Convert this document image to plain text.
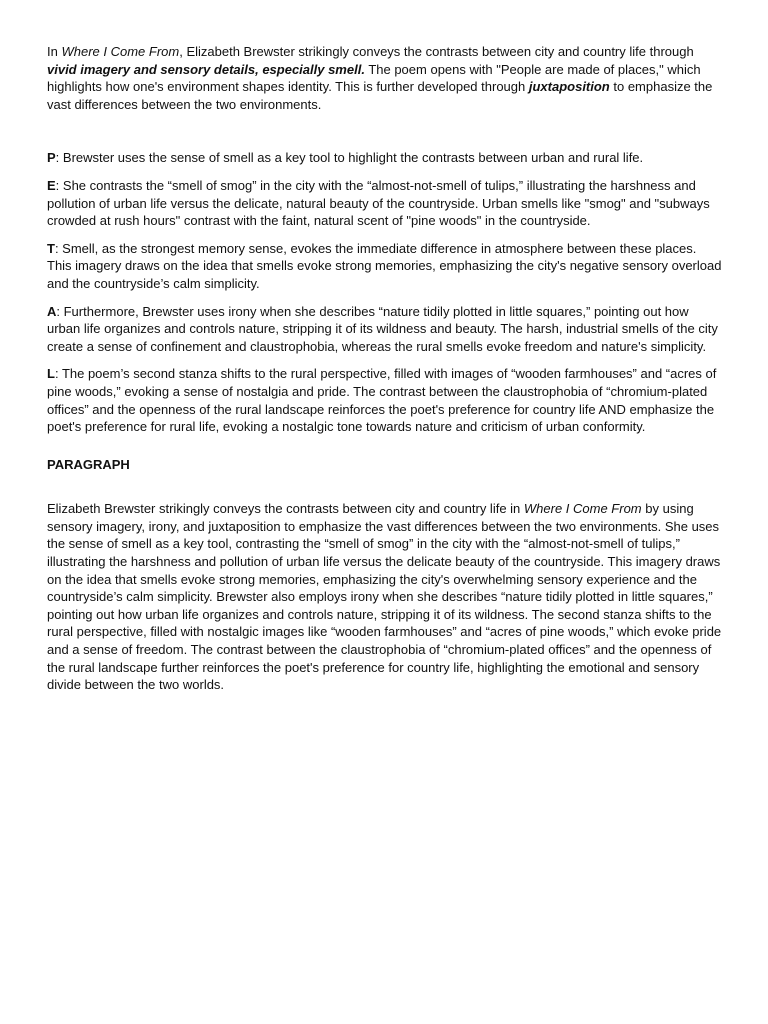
In Where I Come From, Elizabeth Brewster strikingly conveys the contrasts between city and country life through vivid imagery and sensory details, especially smell. The poem opens with "People are made of places," which highlights how one's environment shapes identity. This is further developed through juxtaposition to emphasize the vast differences between the two environments.

P: Brewster uses the sense of smell as a key tool to highlight the contrasts between urban and rural life.

E: She contrasts the “smell of smog” in the city with the “almost-not-smell of tulips,” illustrating the harshness and pollution of urban life versus the delicate, natural beauty of the countryside. Urban smells like "smog" and "subways crowded at rush hours" contrast with the faint, natural scent of "pine woods" in the countryside.

T: Smell, as the strongest memory sense, evokes the immediate difference in atmosphere between these places. This imagery draws on the idea that smells evoke strong memories, emphasizing the city's negative sensory overload and the countryside’s calm simplicity.

A: Furthermore, Brewster uses irony when she describes “nature tidily plotted in little squares,” pointing out how urban life organizes and controls nature, stripping it of its wildness and beauty. The harsh, industrial smells of the city create a sense of confinement and claustrophobia, whereas the rural smells evoke freedom and nature's simplicity.

L: The poem’s second stanza shifts to the rural perspective, filled with images of “wooden farmhouses” and “acres of pine woods,” evoking a sense of nostalgia and pride. The contrast between the claustrophobia of “chromium-plated offices” and the openness of the rural landscape reinforces the poet's preference for country life AND emphasize the poet's preference for rural life, evoking a nostalgic tone towards nature and criticism of urban conformity.

PARAGRAPH

Elizabeth Brewster strikingly conveys the contrasts between city and country life in Where I Come From by using sensory imagery, irony, and juxtaposition to emphasize the vast differences between the two environments. She uses the sense of smell as a key tool, contrasting the “smell of smog” in the city with the “almost-not-smell of tulips,” illustrating the harshness and pollution of urban life versus the delicate beauty of the countryside. This imagery draws on the idea that smells evoke strong memories, emphasizing the city's overwhelming sensory experience and the countryside’s calm simplicity. Brewster also employs irony when she describes “nature tidily plotted in little squares,” pointing out how urban life organizes and controls nature, stripping it of its wildness. The second stanza shifts to the rural perspective, filled with nostalgic images like “wooden farmhouses” and “acres of pine woods,” which evoke pride and a sense of freedom. The contrast between the claustrophobia of “chromium-plated offices” and the openness of the rural landscape further reinforces the poet's preference for country life, highlighting the emotional and sensory divide between the two worlds.
